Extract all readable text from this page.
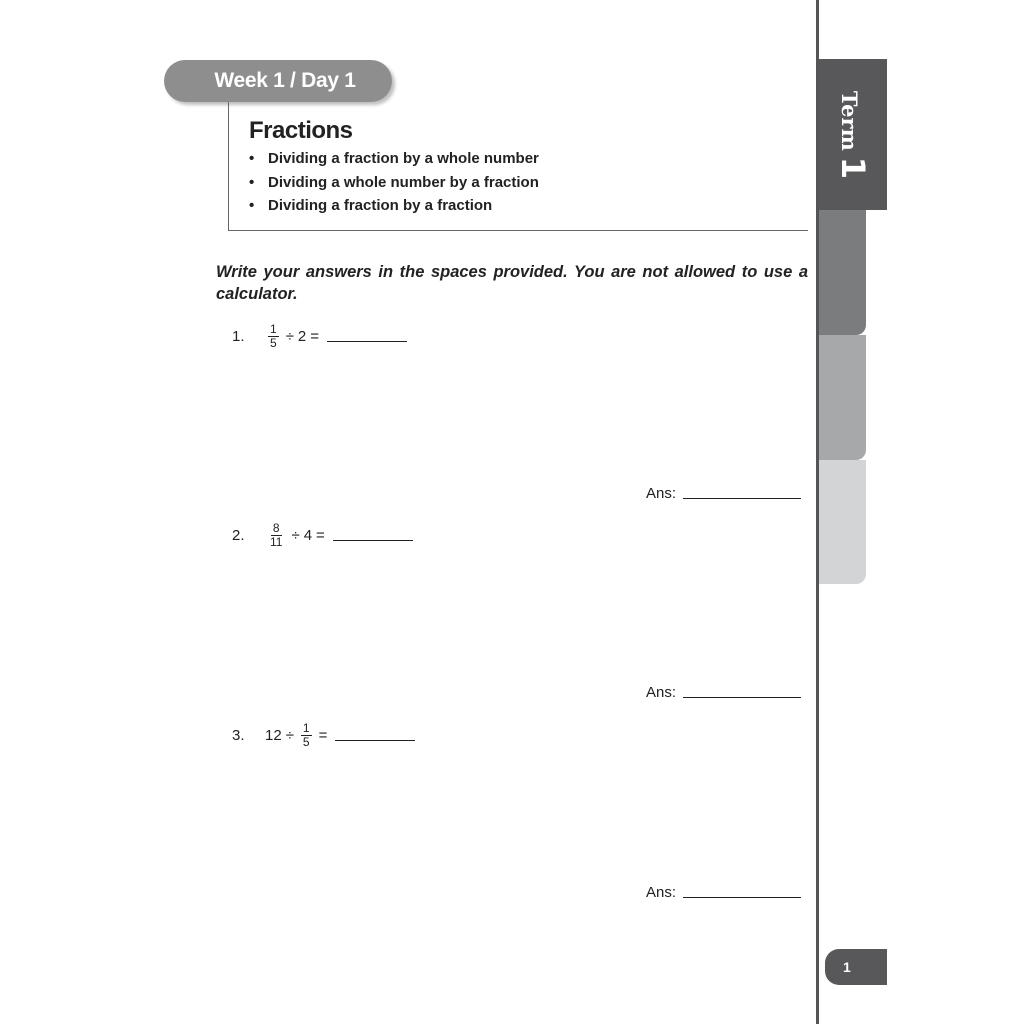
Week 1 / Day 1
Fractions
• Dividing a fraction by a whole number
• Dividing a whole number by a fraction
• Dividing a fraction by a fraction

Write your answers in the spaces provided. You are not allowed to use a calculator.

1.	$\frac{1}{5} \div 2$ =
Ans:
2.	$\frac{8}{11} \div 4$ =
Ans:
3.	$12 \div \frac{1}{5}$ =
Ans:
Term
1
1
